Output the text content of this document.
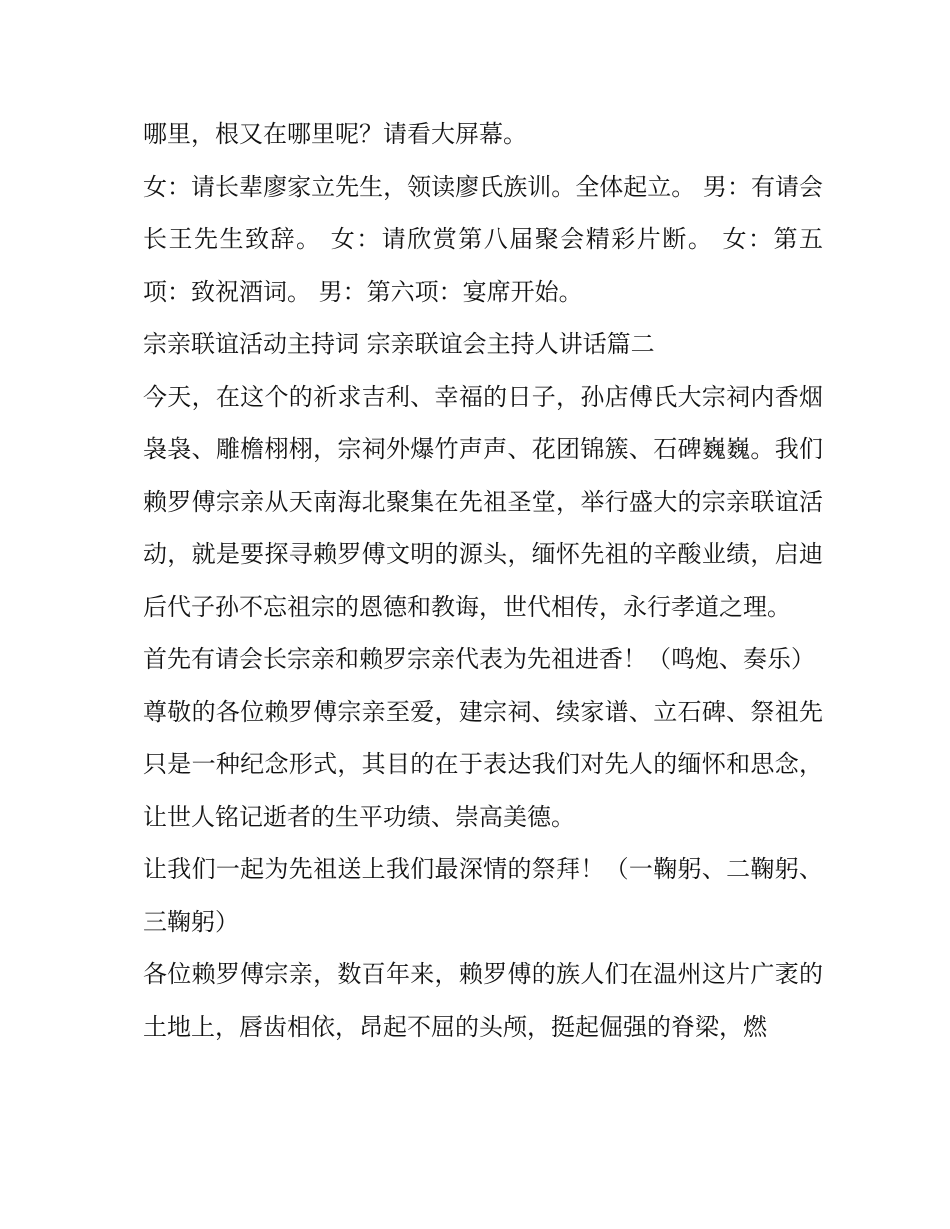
哪里，根又在哪里呢？请看大屏幕。

女：请长辈廖家立先生，领读廖氏族训。全体起立。 男：有请会长王先生致辞。 女：请欣赏第八届聚会精彩片断。 女：第五项：致祝酒词。 男：第六项：宴席开始。

宗亲联谊活动主持词 宗亲联谊会主持人讲话篇二

今天，在这个的祈求吉利、幸福的日子，孙店傅氏大宗祠内香烟袅袅、雕檐栩栩，宗祠外爆竹声声、花团锦簇、石碑巍巍。我们赖罗傅宗亲从天南海北聚集在先祖圣堂，举行盛大的宗亲联谊活动，就是要探寻赖罗傅文明的源头，缅怀先祖的辛酸业绩，启迪后代子孙不忘祖宗的恩德和教诲，世代相传，永行孝道之理。

首先有请会长宗亲和赖罗宗亲代表为先祖进香！（鸣炮、奏乐）

尊敬的各位赖罗傅宗亲至爱，建宗祠、续家谱、立石碑、祭祖先只是一种纪念形式，其目的在于表达我们对先人的缅怀和思念，让世人铭记逝者的生平功绩、崇高美德。

让我们一起为先祖送上我们最深情的祭拜！（一鞠躬、二鞠躬、三鞠躬）

各位赖罗傅宗亲，数百年来，赖罗傅的族人们在温州这片广袤的土地上，唇齿相依，昂起不屈的头颅，挺起倔强的脊梁，燃
